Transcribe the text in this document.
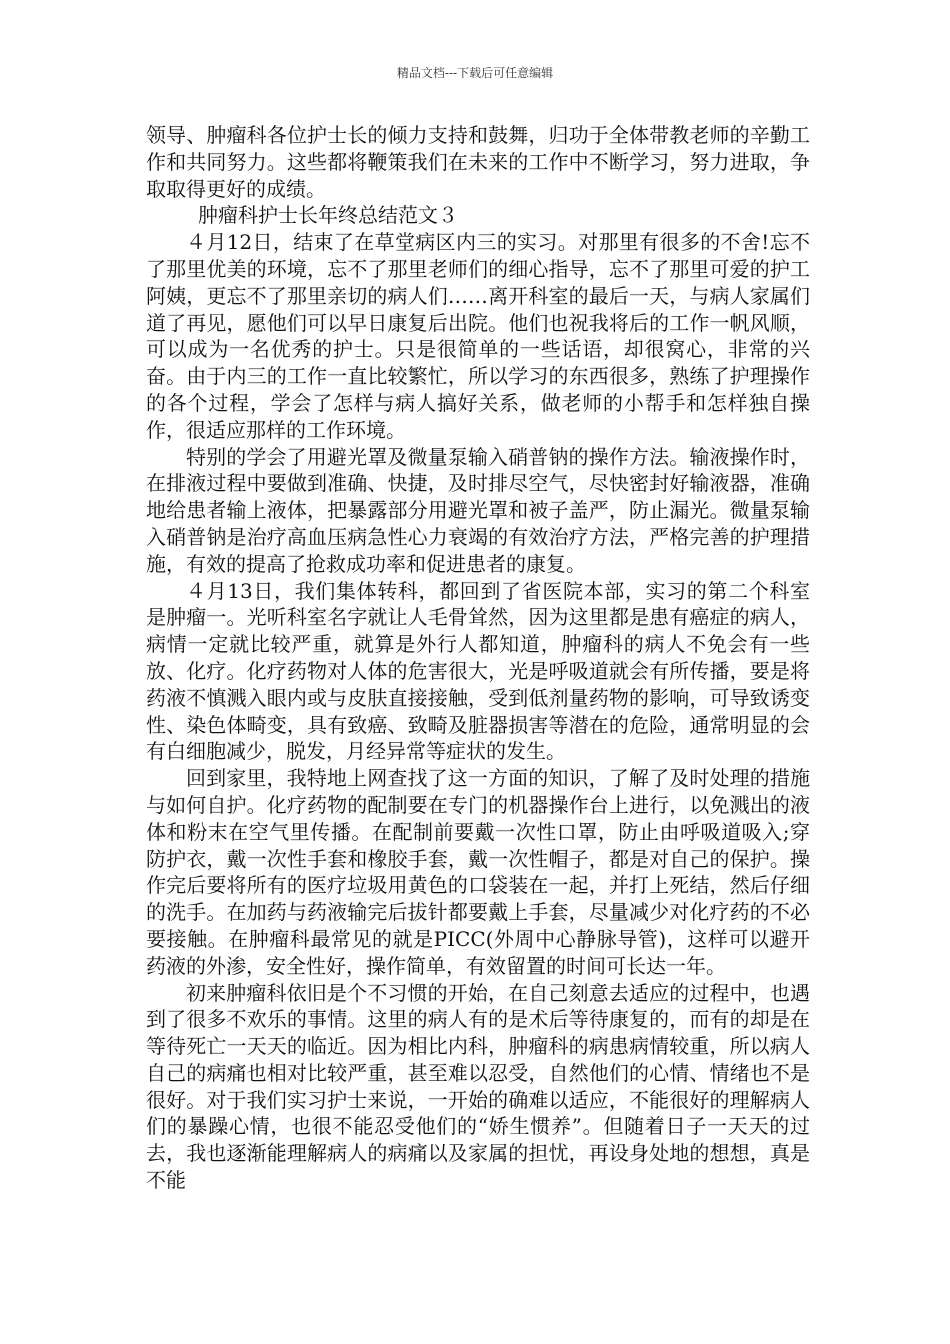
精品文档---下载后可任意编辑

领导、肿瘤科各位护士长的倾力支持和鼓舞，归功于全体带教老师的辛勤工作和共同努力。这些都将鞭策我们在未来的工作中不断学习，努力进取，争取取得更好的成绩。

肿瘤科护士长年终总结范文３

４月12日，结束了在草堂病区内三的实习。对那里有很多的不舍!忘不了那里优美的环境，忘不了那里老师们的细心指导，忘不了那里可爱的护工阿姨，更忘不了那里亲切的病人们……离开科室的最后一天，与病人家属们道了再见，愿他们可以早日康复后出院。他们也祝我将后的工作一帆风顺，可以成为一名优秀的护士。只是很简单的一些话语，却很窝心，非常的兴奋。由于内三的工作一直比较繁忙，所以学习的东西很多，熟练了护理操作的各个过程，学会了怎样与病人搞好关系，做老师的小帮手和怎样独自操作，很适应那样的工作环境。

特别的学会了用避光罩及微量泵输入硝普钠的操作方法。输液操作时，在排液过程中要做到准确、快捷，及时排尽空气，尽快密封好输液器，准确地给患者输上液体，把暴露部分用避光罩和被子盖严，防止漏光。微量泵输入硝普钠是治疗高血压病急性心力衰竭的有效治疗方法，严格完善的护理措施，有效的提高了抢救成功率和促进患者的康复。

４月13日，我们集体转科，都回到了省医院本部，实习的第二个科室是肿瘤一。光听科室名字就让人毛骨耸然，因为这里都是患有癌症的病人，病情一定就比较严重，就算是外行人都知道，肿瘤科的病人不免会有一些放、化疗。化疗药物对人体的危害很大，光是呼吸道就会有所传播，要是将药液不慎溅入眼内或与皮肤直接接触，受到低剂量药物的影响，可导致诱变性、染色体畸变，具有致癌、致畸及脏器损害等潜在的危险，通常明显的会有白细胞减少，脱发，月经异常等症状的发生。

回到家里，我特地上网查找了这一方面的知识，了解了及时处理的措施与如何自护。化疗药物的配制要在专门的机器操作台上进行，以免溅出的液体和粉末在空气里传播。在配制前要戴一次性口罩，防止由呼吸道吸入;穿防护衣，戴一次性手套和橡胶手套，戴一次性帽子，都是对自己的保护。操作完后要将所有的医疗垃圾用黄色的口袋装在一起，并打上死结，然后仔细的洗手。在加药与药液输完后拔针都要戴上手套，尽量减少对化疗药的不必要接触。在肿瘤科最常见的就是PICC(外周中心静脉导管)，这样可以避开药液的外渗，安全性好，操作简单，有效留置的时间可长达一年。

初来肿瘤科依旧是个不习惯的开始，在自己刻意去适应的过程中，也遇到了很多不欢乐的事情。这里的病人有的是术后等待康复的，而有的却是在等待死亡一天天的临近。因为相比内科，肿瘤科的病患病情较重，所以病人自己的病痛也相对比较严重，甚至难以忍受，自然他们的心情、情绪也不是很好。对于我们实习护士来说，一开始的确难以适应，不能很好的理解病人们的暴躁心情，也很不能忍受他们的“娇生惯养”。但随着日子一天天的过去，我也逐渐能理解病人的病痛以及家属的担忧，再设身处地的想想，真是不能
